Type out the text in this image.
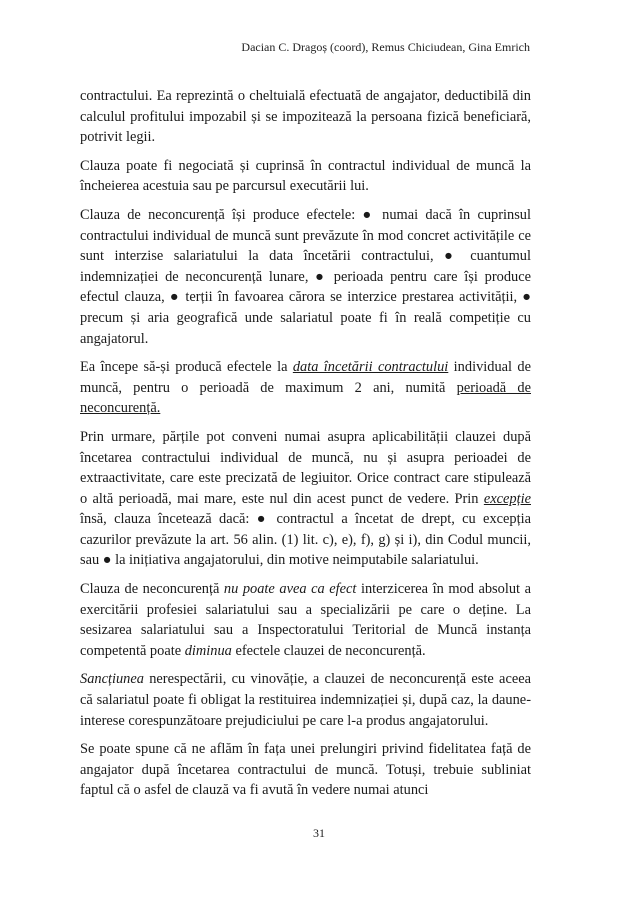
Dacian C. Dragoș (coord), Remus Chiciudean, Gina Emrich

contractului. Ea reprezintă o cheltuială efectuată de angajator, deductibilă din calculul profitului impozabil și se impozitează la persoana fizică beneficiară, potrivit legii.

Clauza poate fi negociată și cuprinsă în contractul individual de muncă la încheierea acestuia sau pe parcursul executării lui.

Clauza de neconcurență își produce efectele: ● numai dacă în cuprinsul contractului individual de muncă sunt prevăzute în mod concret activitățile ce sunt interzise salariatului la data încetării contractului, ● cuantumul indemnizației de neconcurență lunare, ● perioada pentru care își produce efectul clauza, ● terții în favoarea cărora se interzice prestarea activității, ● precum și aria geografică unde salariatul poate fi în reală competiție cu angajatorul.

Ea începe să-și producă efectele la data încetării contractului individual de muncă, pentru o perioadă de maximum 2 ani, numită perioadă de neconcurență.

Prin urmare, părțile pot conveni numai asupra aplicabilității clauzei după încetarea contractului individual de muncă, nu și asupra perioadei de extraactivitate, care este precizată de legiuitor. Orice contract care stipulează o altă perioadă, mai mare, este nul din acest punct de vedere. Prin excepție însă, clauza încetează dacă: ● contractul a încetat de drept, cu excepția cazurilor prevăzute la art. 56 alin. (1) lit. c), e), f), g) și i), din Codul muncii, sau ● la inițiativa angajatorului, din motive neimputabile salariatului.

Clauza de neconcurență nu poate avea ca efect interzicerea în mod absolut a exercitării profesiei salariatului sau a specializării pe care o deține. La sesizarea salariatului sau a Inspectoratului Teritorial de Muncă instanța competentă poate diminua efectele clauzei de neconcurență.

Sancțiunea nerespectării, cu vinovăție, a clauzei de neconcurență este aceea că salariatul poate fi obligat la restituirea indemnizației și, după caz, la daune-interese corespunzătoare prejudiciului pe care l-a produs angajatorului.

Se poate spune că ne aflăm în fața unei prelungiri privind fidelitatea față de angajator după încetarea contractului de muncă. Totuși, trebuie subliniat faptul că o asfel de clauză va fi avută în vedere numai atunci

31
